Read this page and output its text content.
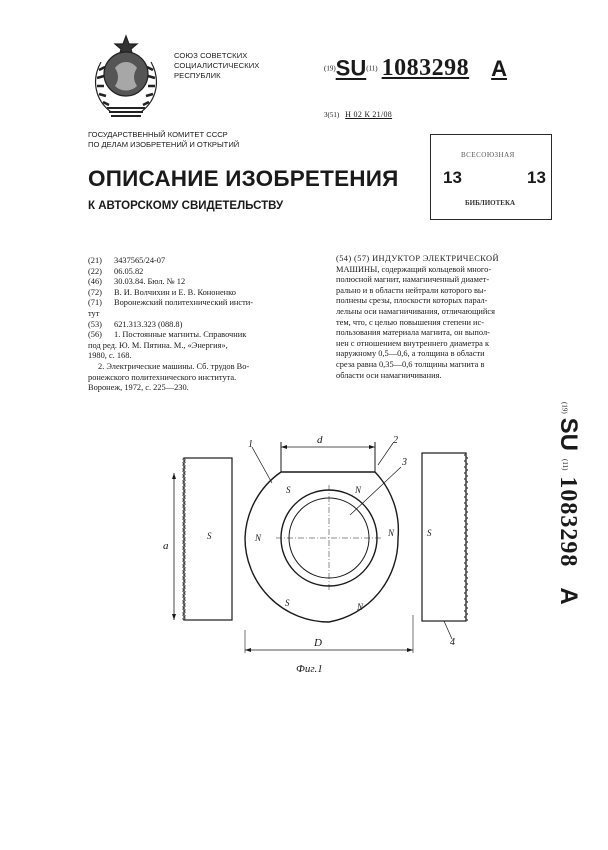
СОЮЗ СОВЕТСКИХ
СОЦИАЛИСТИЧЕСКИХ
РЕСПУБЛИК
(19)SU(11) 1083298 A
3(51) Н 02 К 21/08
ГОСУДАРСТВЕННЫЙ КОМИТЕТ СССР
ПО ДЕЛАМ ИЗОБРЕТЕНИЙ И ОТКРЫТИЙ
ОПИСАНИЕ ИЗОБРЕТЕНИЯ
К АВТОРСКОМУ СВИДЕТЕЛЬСТВУ
ВСЕСОЮЗНАЯ
13	13
БИБЛИОТЕКА
(21)	3437565/24-07
(22)	06.05.82
(46)	30.03.84. Бюл. № 12
(72)	В. И. Волчихин и Е. В. Кононенко
(71)	Воронежский политехнический инсти-
тут
(53)	621.313.323 (088.8)
(56)	1. Постоянные магниты. Справочник
под ред. Ю. М. Пятина. М., «Энергия»,
1980, с. 168.
2. Электрические машины. Сб. трудов Во-
ронежского политехнического института.
Воронеж, 1972, с. 225—230.
(54) (57) ИНДУКТОР ЭЛЕКТРИЧЕСКОЙ
МАШИНЫ, содержащий кольцевой много-
полюсной магнит, намагниченный диамет-
рально и в области нейтрали которого вы-
полнены срезы, плоскости которых парал-
лельны оси намагничивания, отличающийся
тем, что, с целью повышения степени ис-
пользования материала магнита, он выпол-
нен с отношением внутреннего диаметра к
наружному 0,5—0,6, а толщина в области
среза равна 0,35—0,6 толщины магнита в
области оси намагничивания.
(19)SU(11)1083298A
d
D
a
1	2
3
4
S	N
S	N	N	S
S	N
Фиг.1
